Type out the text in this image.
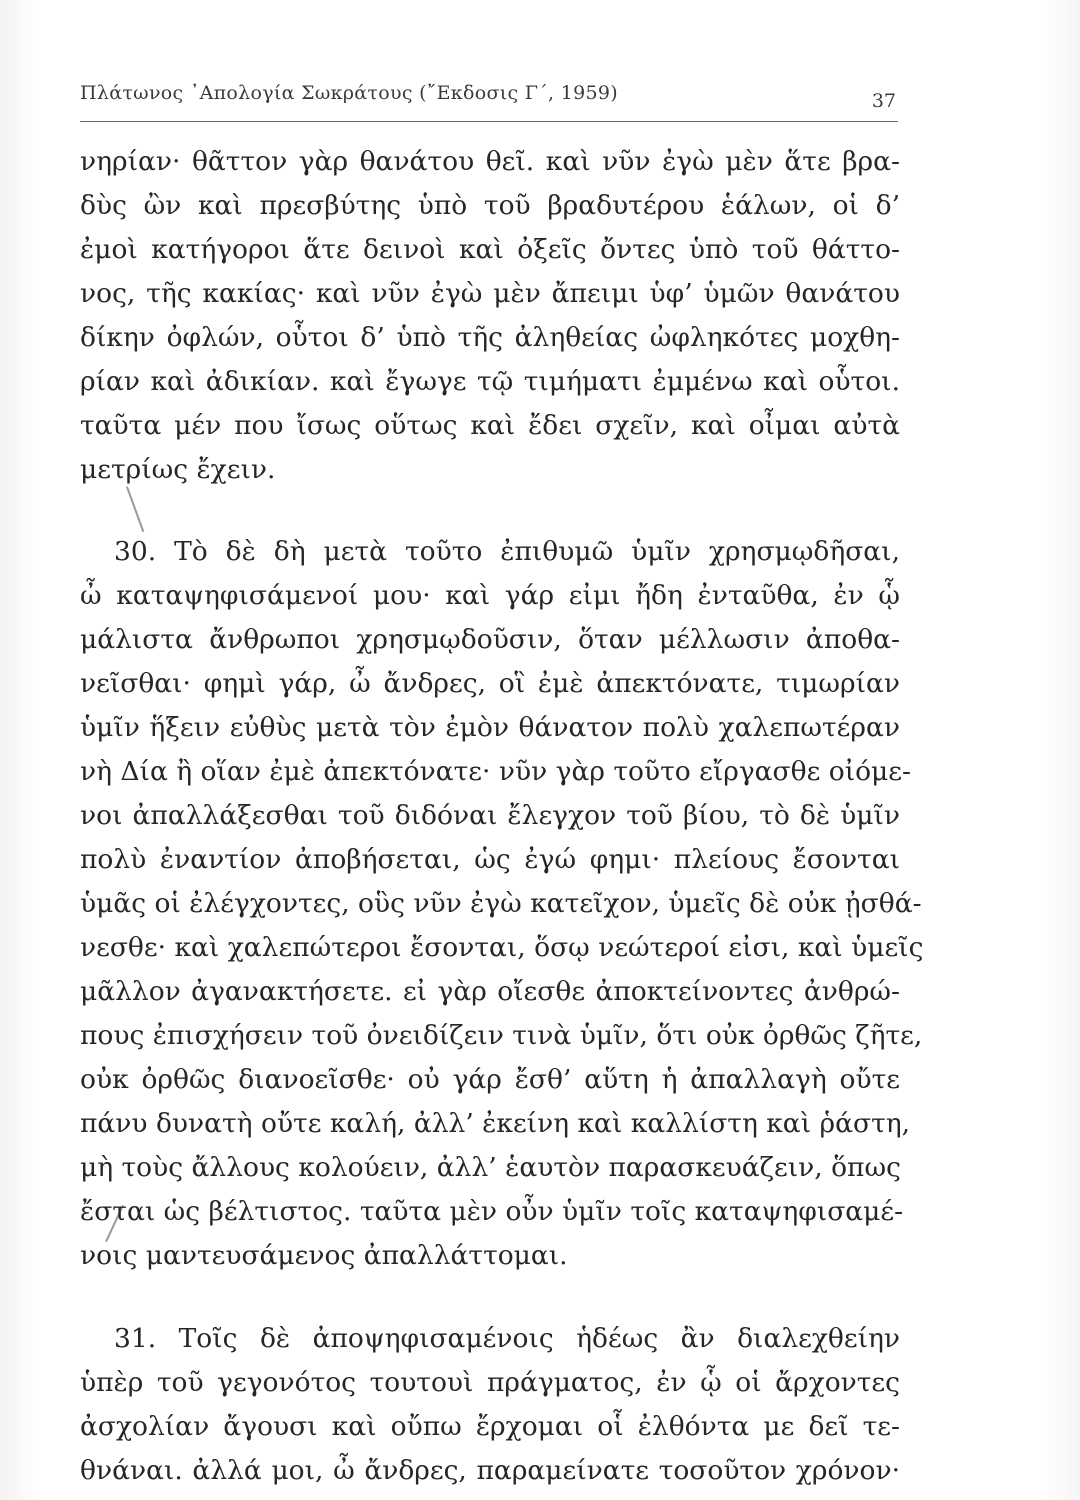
Πλάτωνος ᾿Απολογία Σωκράτους (῎Εκδοσις Γ΄, 1959)	37
νηρίαν· θᾶττον γὰρ θανάτου θεῖ. καὶ νῦν ἐγὼ μὲν ἅτε βρα-
δὺς ὢν καὶ πρεσβύτης ὑπὸ τοῦ βραδυτέρου ἑάλων, οἱ δ’
ἐμοὶ κατήγοροι ἅτε δεινοὶ καὶ ὀξεῖς ὄντες ὑπὸ τοῦ θάττο-
νος, τῆς κακίας· καὶ νῦν ἐγὼ μὲν ἄπειμι ὑφ’ ὑμῶν θανάτου
δίκην ὀφλών, οὗτοι δ’ ὑπὸ τῆς ἀληθείας ὠφληκότες μοχθη-
ρίαν καὶ ἀδικίαν. καὶ ἔγωγε τῷ τιμήματι ἐμμένω καὶ οὗτοι.
ταῦτα μέν που ἴσως οὕτως καὶ ἔδει σχεῖν, καὶ οἶμαι αὐτὰ
μετρίως ἔχειν.
30. Τὸ δὲ δὴ μετὰ τοῦτο ἐπιθυμῶ ὑμῖν χρησμῳδῆσαι,
ὦ καταψηφισάμενοί μου· καὶ γάρ εἰμι ἤδη ἐνταῦθα, ἐν ᾧ
μάλιστα ἄνθρωποι χρησμῳδοῦσιν, ὅταν μέλλωσιν ἀποθα-
νεῖσθαι· φημὶ γάρ, ὦ ἄνδρες, οἳ ἐμὲ ἀπεκτόνατε, τιμωρίαν
ὑμῖν ἥξειν εὐθὺς μετὰ τὸν ἐμὸν θάνατον πολὺ χαλεπωτέραν
νὴ Δία ἢ οἵαν ἐμὲ ἀπεκτόνατε· νῦν γὰρ τοῦτο εἴργασθε οἰόμε-
νοι ἀπαλλάξεσθαι τοῦ διδόναι ἔλεγχον τοῦ βίου, τὸ δὲ ὑμῖν
πολὺ ἐναντίον ἀποβήσεται, ὡς ἐγώ φημι· πλείους ἔσονται
ὑμᾶς οἱ ἐλέγχοντες, οὓς νῦν ἐγὼ κατεῖχον, ὑμεῖς δὲ οὐκ ᾐσθά-
νεσθε· καὶ χαλεπώτεροι ἔσονται, ὅσῳ νεώτεροί εἰσι, καὶ ὑμεῖς
μᾶλλον ἀγανακτήσετε. εἰ γὰρ οἴεσθε ἀποκτείνοντες ἀνθρώ-
πους ἐπισχήσειν τοῦ ὀνειδίζειν τινὰ ὑμῖν, ὅτι οὐκ ὀρθῶς ζῆτε,
οὐκ ὀρθῶς διανοεῖσθε· οὐ γάρ ἔσθ’ αὕτη ἡ ἀπαλλαγὴ οὔτε
πάνυ δυνατὴ οὔτε καλή, ἀλλ’ ἐκείνη καὶ καλλίστη καὶ ῥάστη,
μὴ τοὺς ἄλλους κολούειν, ἀλλ’ ἑαυτὸν παρασκευάζειν, ὅπως
ἔσται ὡς βέλτιστος. ταῦτα μὲν οὖν ὑμῖν τοῖς καταψηφισαμέ-
νοις μαντευσάμενος ἀπαλλάττομαι.
31. Τοῖς δὲ ἀποψηφισαμένοις ἡδέως ἂν διαλεχθείην
ὑπὲρ τοῦ γεγονότος τουτουὶ πράγματος, ἐν ᾧ οἱ ἄρχοντες
ἀσχολίαν ἄγουσι καὶ οὔπω ἔρχομαι οἷ ἐλθόντα με δεῖ τε-
θνάναι. ἀλλά μοι, ὦ ἄνδρες, παραμείνατε τοσοῦτον χρόνον·
